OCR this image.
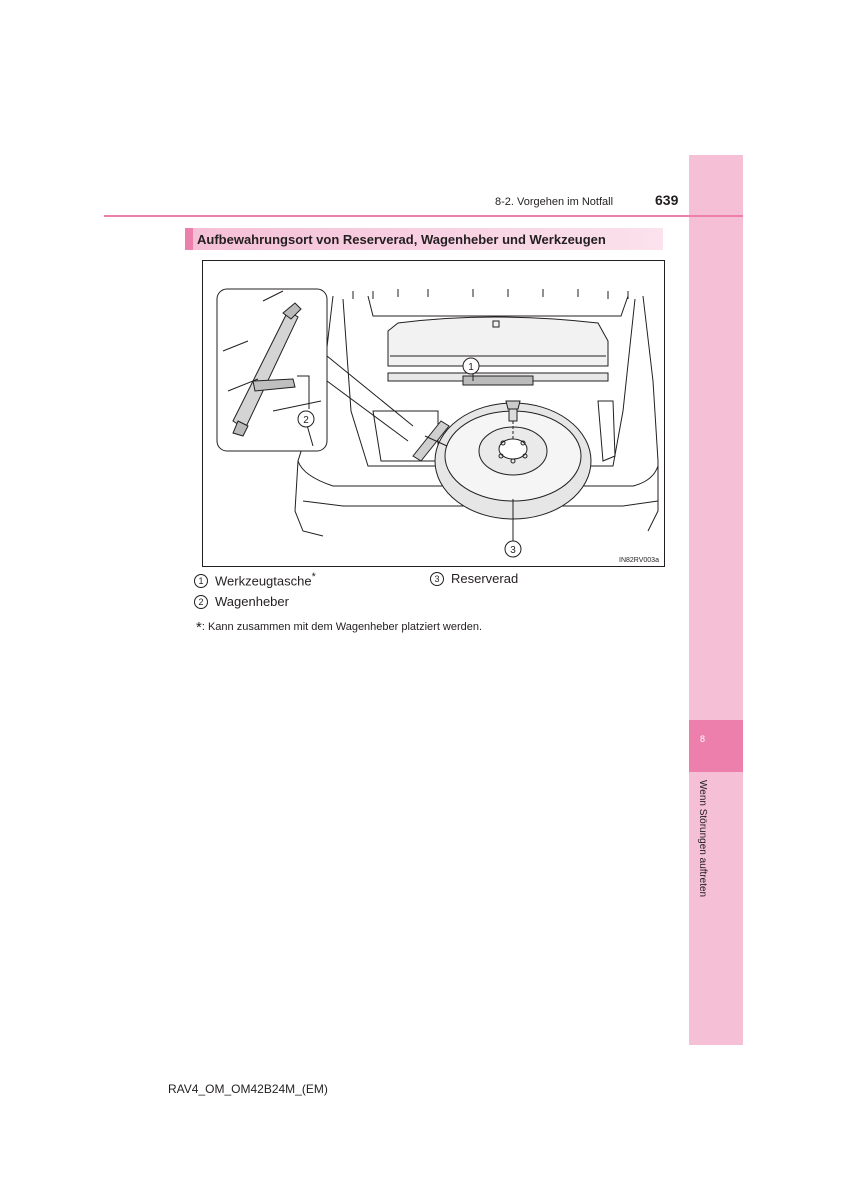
8
Wenn Störungen auftreten
8-2. Vorgehen im Notfall	639
Aufbewahrungsort von Reserverad, Wagenheber und Werkzeugen
1
2
3
IN82RV003a
1 Werkzeugtasche*	3 Reserverad
2 Wagenheber
*: Kann zusammen mit dem Wagenheber platziert werden.
RAV4_OM_OM42B24M_(EM)
